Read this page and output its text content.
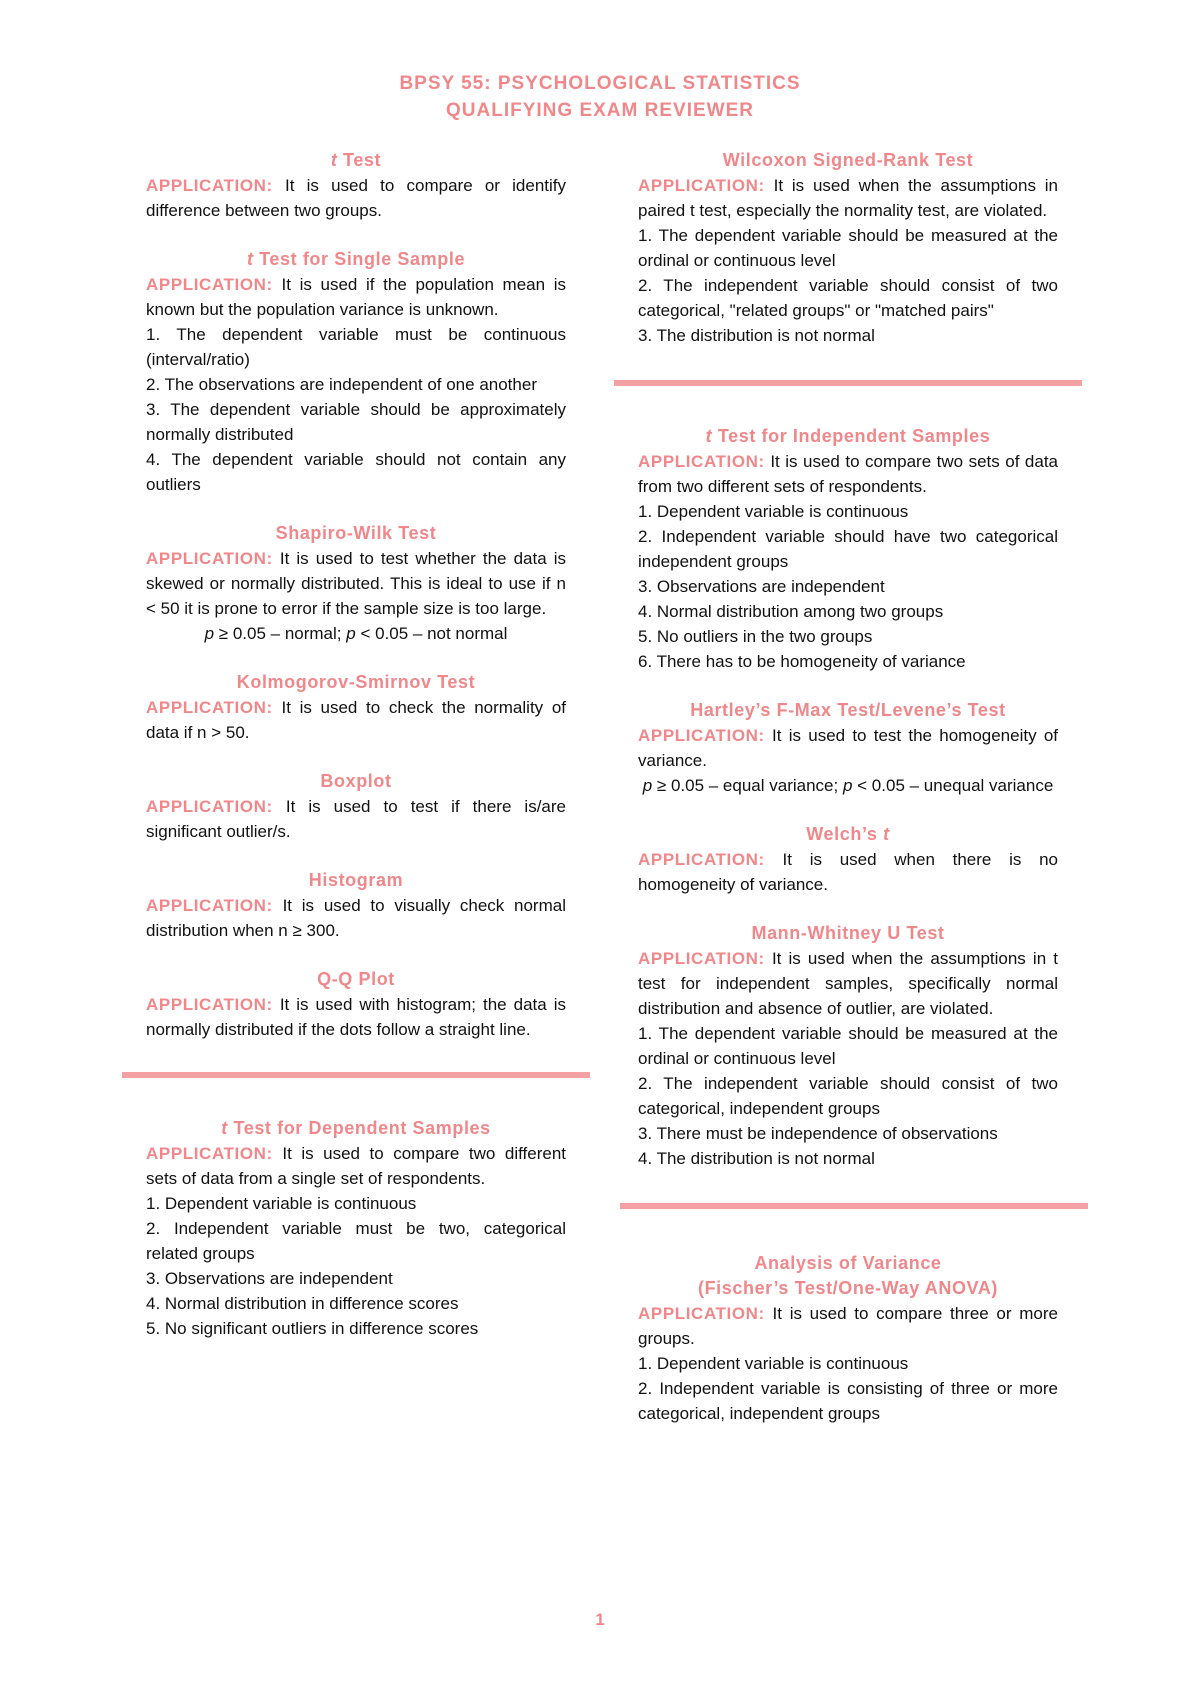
BPSY 55: PSYCHOLOGICAL STATISTICS
QUALIFYING EXAM REVIEWER
t Test
APPLICATION: It is used to compare or identify difference between two groups.
t Test for Single Sample
APPLICATION: It is used if the population mean is known but the population variance is unknown.
1. The dependent variable must be continuous (interval/ratio)
2. The observations are independent of one another
3. The dependent variable should be approximately normally distributed
4. The dependent variable should not contain any outliers
Shapiro-Wilk Test
APPLICATION: It is used to test whether the data is skewed or normally distributed. This is ideal to use if n < 50 it is prone to error if the sample size is too large.
p ≥ 0.05 – normal; p < 0.05 – not normal
Kolmogorov-Smirnov Test
APPLICATION: It is used to check the normality of data if n > 50.
Boxplot
APPLICATION: It is used to test if there is/are significant outlier/s.
Histogram
APPLICATION: It is used to visually check normal distribution when n ≥ 300.
Q-Q Plot
APPLICATION: It is used with histogram; the data is normally distributed if the dots follow a straight line.
t Test for Dependent Samples
APPLICATION: It is used to compare two different sets of data from a single set of respondents.
1. Dependent variable is continuous
2. Independent variable must be two, categorical related groups
3. Observations are independent
4. Normal distribution in difference scores
5. No significant outliers in difference scores
Wilcoxon Signed-Rank Test
APPLICATION: It is used when the assumptions in paired t test, especially the normality test, are violated.
1. The dependent variable should be measured at the ordinal or continuous level
2. The independent variable should consist of two categorical, "related groups" or "matched pairs"
3. The distribution is not normal
t Test for Independent Samples
APPLICATION: It is used to compare two sets of data from two different sets of respondents.
1. Dependent variable is continuous
2. Independent variable should have two categorical independent groups
3. Observations are independent
4. Normal distribution among two groups
5. No outliers in the two groups
6. There has to be homogeneity of variance
Hartley’s F-Max Test/Levene’s Test
APPLICATION: It is used to test the homogeneity of variance.
p ≥ 0.05 – equal variance; p < 0.05 – unequal variance
Welch’s t
APPLICATION: It is used when there is no homogeneity of variance.
Mann-Whitney U Test
APPLICATION: It is used when the assumptions in t test for independent samples, specifically normal distribution and absence of outlier, are violated.
1. The dependent variable should be measured at the ordinal or continuous level
2. The independent variable should consist of two categorical, independent groups
3. There must be independence of observations
4. The distribution is not normal
Analysis of Variance
(Fischer’s Test/One-Way ANOVA)
APPLICATION: It is used to compare three or more groups.
1. Dependent variable is continuous
2. Independent variable is consisting of three or more categorical, independent groups
1
